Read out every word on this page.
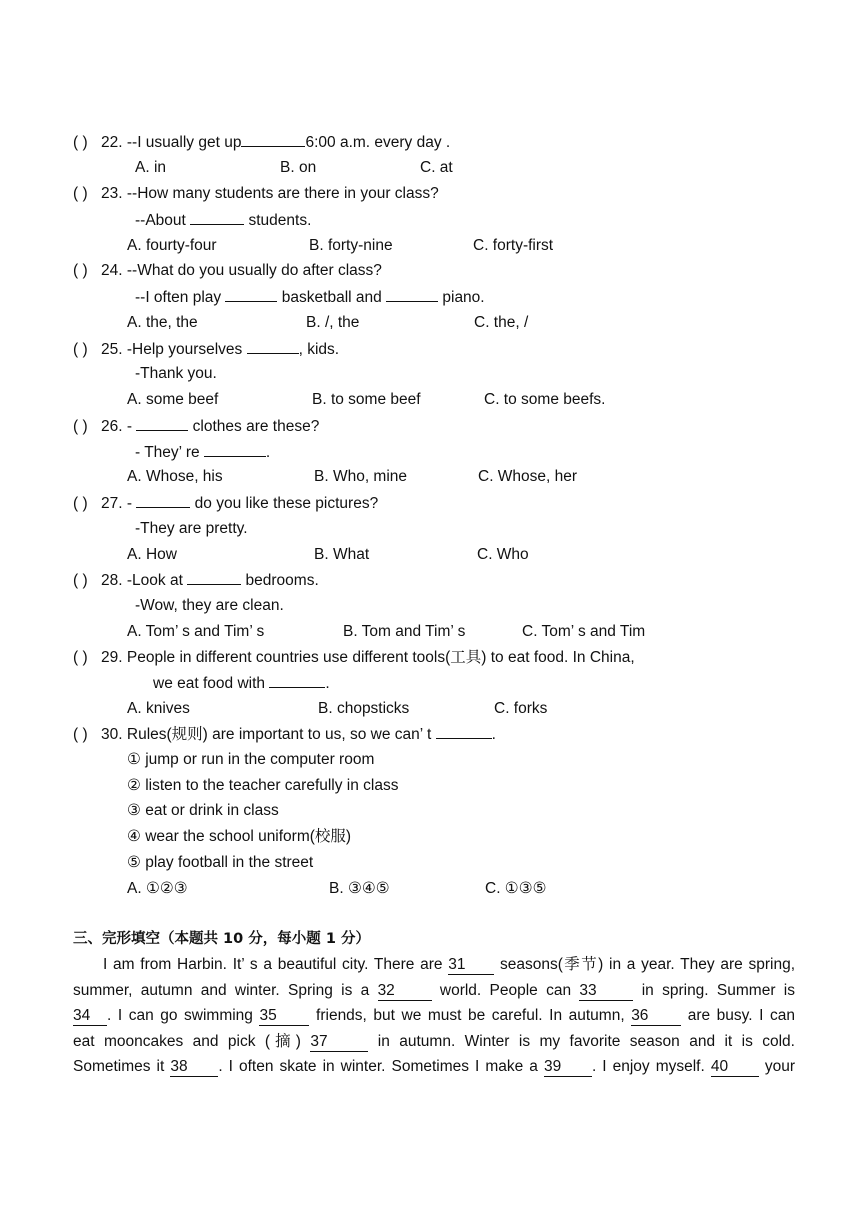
( ) 22. --I usually get up	6:00 a.m. every day .
A. in	B. on	C. at
( ) 23. --How many students are there in your class?
--About	students.
A. fourty-four	B. forty-nine	C. forty-first
( ) 24. --What do you usually do after class?
--I often play	basketball and	piano.
A. the, the	B. /, the	C. the, /
( ) 25. -Help yourselves	, kids.
-Thank you.
A. some beef	B. to some beef	C. to some beefs.
( ) 26. -	clothes are these?
- They’ re	.
A. Whose, his	B. Who, mine	C. Whose, her
( ) 27. -	do you like these pictures?
-They are pretty.
A. How	B. What	C. Who
( ) 28. -Look at	bedrooms.
-Wow, they are clean.
A. Tom’ s and Tim’ s	B. Tom and Tim’ s	C. Tom’ s and Tim
( ) 29. People in different countries use different tools(工具) to eat food. In China,
we eat food with	.
A. knives	B. chopsticks	C. forks
( ) 30. Rules(规则) are important to us, so we can’ t	.
① jump or run in the computer room
② listen to the teacher carefully in class
③ eat or drink in class
④ wear the school uniform(校服)
⑤ play football in the street
A. ①②③	B. ③④⑤	C. ①③⑤
三、完形填空（本题共 10 分，每小题 1 分）
I am from Harbin. It’ s a beautiful city. There are 31 seasons(季节) in a year. They are spring,
summer, autumn and winter. Spring is a 32	world. People can 33	in spring. Summer is
34 . I can go swimming 35	friends, but we must be careful. In autumn, 36	are busy. I can
eat mooncakes and pick (摘) 37	in autumn. Winter is my favorite season and it is cold.
Sometimes it 38 . I often skate in winter. Sometimes I make a 39 . I enjoy myself. 40 your
